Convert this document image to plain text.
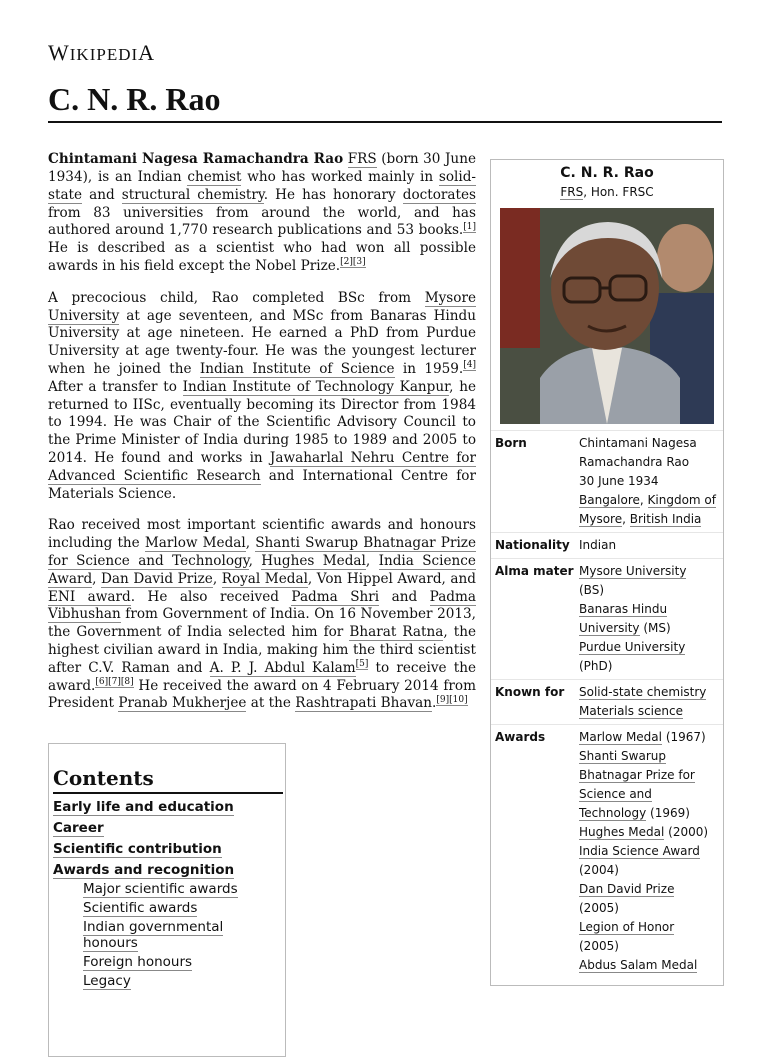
WIKIPEDIA
C. N. R. Rao

Chintamani Nagesa Ramachandra Rao FRS (born 30 June 1934), is an Indian chemist who has worked mainly in solid-state and structural chemistry. He has honorary doctorates from 83 universities from around the world, and has authored around 1,770 research publications and 53 books.[1] He is described as a scientist who had won all possible awards in his field except the Nobel Prize.[2][3]

A precocious child, Rao completed BSc from Mysore University at age seventeen, and MSc from Banaras Hindu University at age nineteen. He earned a PhD from Purdue University at age twenty-four. He was the youngest lecturer when he joined the Indian Institute of Science in 1959.[4] After a transfer to Indian Institute of Technology Kanpur, he returned to IISc, eventually becoming its Director from 1984 to 1994. He was Chair of the Scientific Advisory Council to the Prime Minister of India during 1985 to 1989 and 2005 to 2014. He found and works in Jawaharlal Nehru Centre for Advanced Scientific Research and International Centre for Materials Science.

Rao received most important scientific awards and honours including the Marlow Medal, Shanti Swarup Bhatnagar Prize for Science and Technology, Hughes Medal, India Science Award, Dan David Prize, Royal Medal, Von Hippel Award, and ENI award. He also received Padma Shri and Padma Vibhushan from Government of India. On 16 November 2013, the Government of India selected him for Bharat Ratna, the highest civilian award in India, making him the third scientist after C.V. Raman and A. P. J. Abdul Kalam[5] to receive the award.[6][7][8] He received the award on 4 February 2014 from President Pranab Mukherjee at the Rashtrapati Bhavan.[9][10]

Contents
Early life and education
Career
Scientific contribution
Awards and recognition
Major scientific awards
Scientific awards
Indian governmental honours
Foreign honours
Legacy
C. N. R. Rao
FRS, Hon. FRSC
Born	Chintamani Nagesa
Ramachandra Rao
30 June 1934
Bangalore, Kingdom of Mysore, British India
Nationality Indian
Alma mater Mysore University
(BS)
Banaras Hindu University (MS)
Purdue University
(PhD)
Known for	Solid-state chemistry
Materials science
Awards	Marlow Medal (1967)
Shanti Swarup Bhatnagar Prize for Science and Technology (1969)
Hughes Medal (2000)
India Science Award
(2004)
Dan David Prize
(2005)
Legion of Honor
(2005)
Abdus Salam Medal
